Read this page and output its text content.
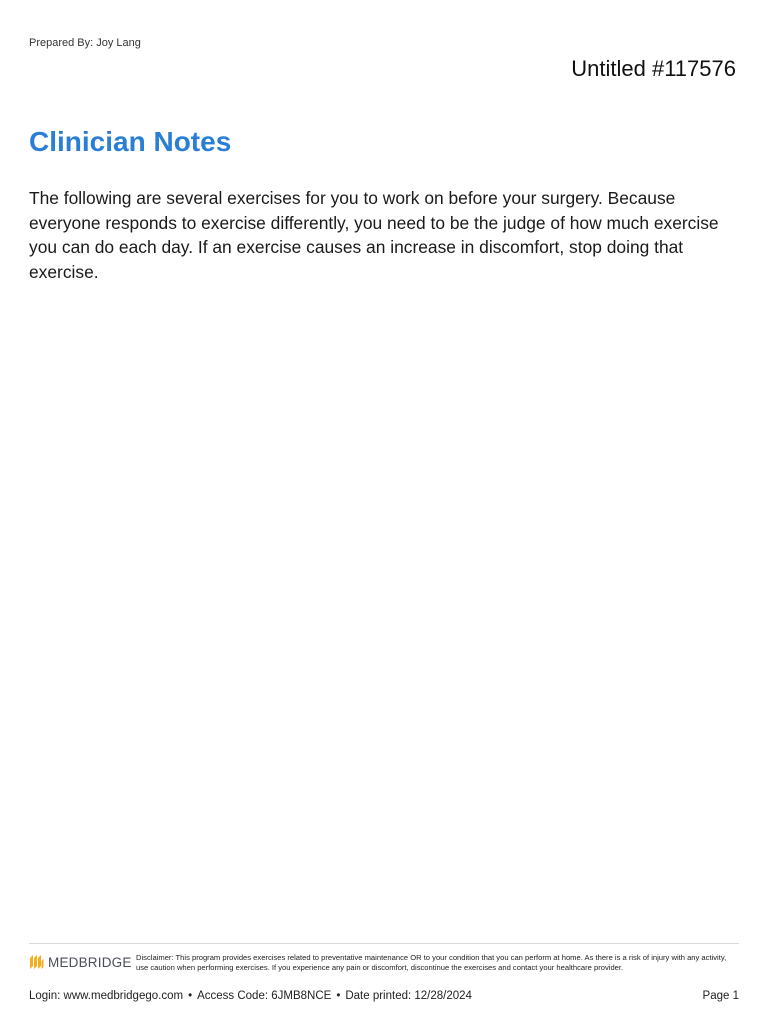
Prepared By: Joy Lang
Untitled #117576
Clinician Notes

The following are several exercises for you to work on before your surgery. Because everyone responds to exercise differently, you need to be the judge of how much exercise you can do each day. If an exercise causes an increase in discomfort, stop doing that exercise.

MEDBRIDGE Disclaimer: This program provides exercises related to preventative maintenance OR to your condition that you can perform at home. As there is a risk of injury with any activity, use caution when performing exercises. If you experience any pain or discomfort, discontinue the exercises and contact your healthcare provider.
Login: www.medbridgego.com • Access Code: 6JMB8NCE • Date printed: 12/28/2024	Page 1
